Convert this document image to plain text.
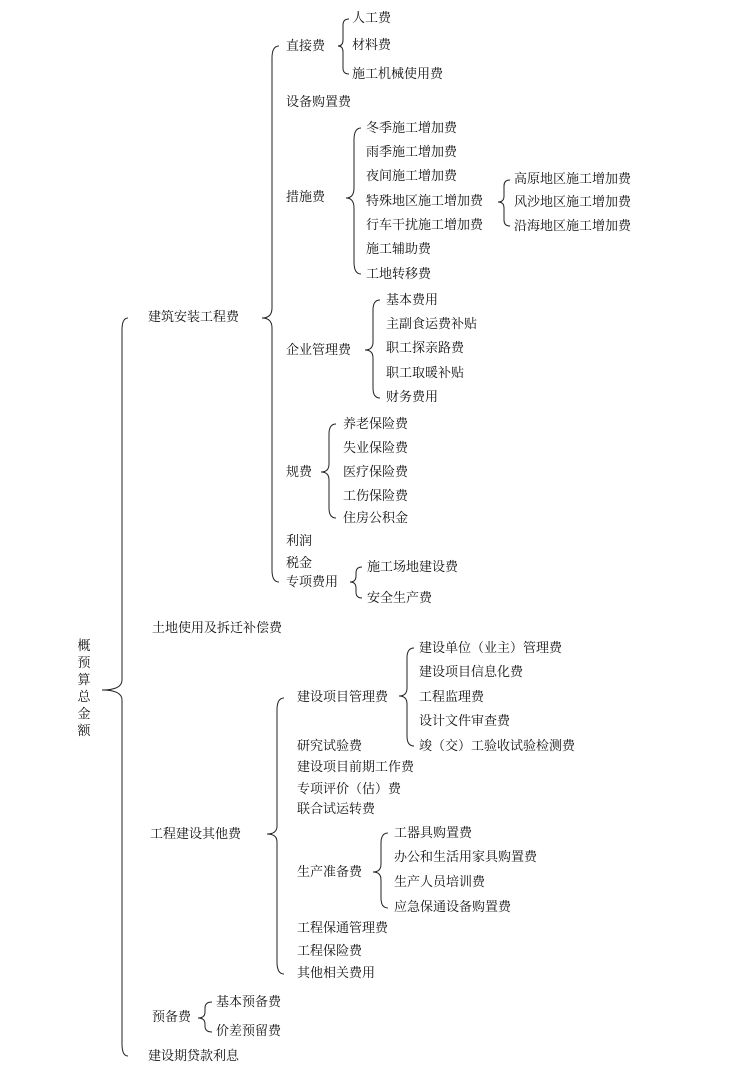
概预算总金额
建筑安装工程费
土地使用及拆迁补偿费
工程建设其他费
预备费
建设期贷款利息
直接费
人工费
材料费
施工机械使用费
设备购置费
措施费
冬季施工增加费
雨季施工增加费
夜间施工增加费
特殊地区施工增加费
行车干扰施工增加费
施工辅助费
工地转移费
高原地区施工增加费
风沙地区施工增加费
沿海地区施工增加费
企业管理费
基本费用
主副食运费补贴
职工探亲路费
职工取暖补贴
财务费用
规费
养老保险费
失业保险费
医疗保险费
工伤保险费
住房公积金
利润
税金
专项费用
施工场地建设费
安全生产费
建设项目管理费
建设单位（业主）管理费
建设项目信息化费
工程监理费
设计文件审查费
竣（交）工验收试验检测费
研究试验费
建设项目前期工作费
专项评价（估）费
联合试运转费
生产准备费
工器具购置费
办公和生活用家具购置费
生产人员培训费
应急保通设备购置费
工程保通管理费
工程保险费
其他相关费用
基本预备费
价差预留费
